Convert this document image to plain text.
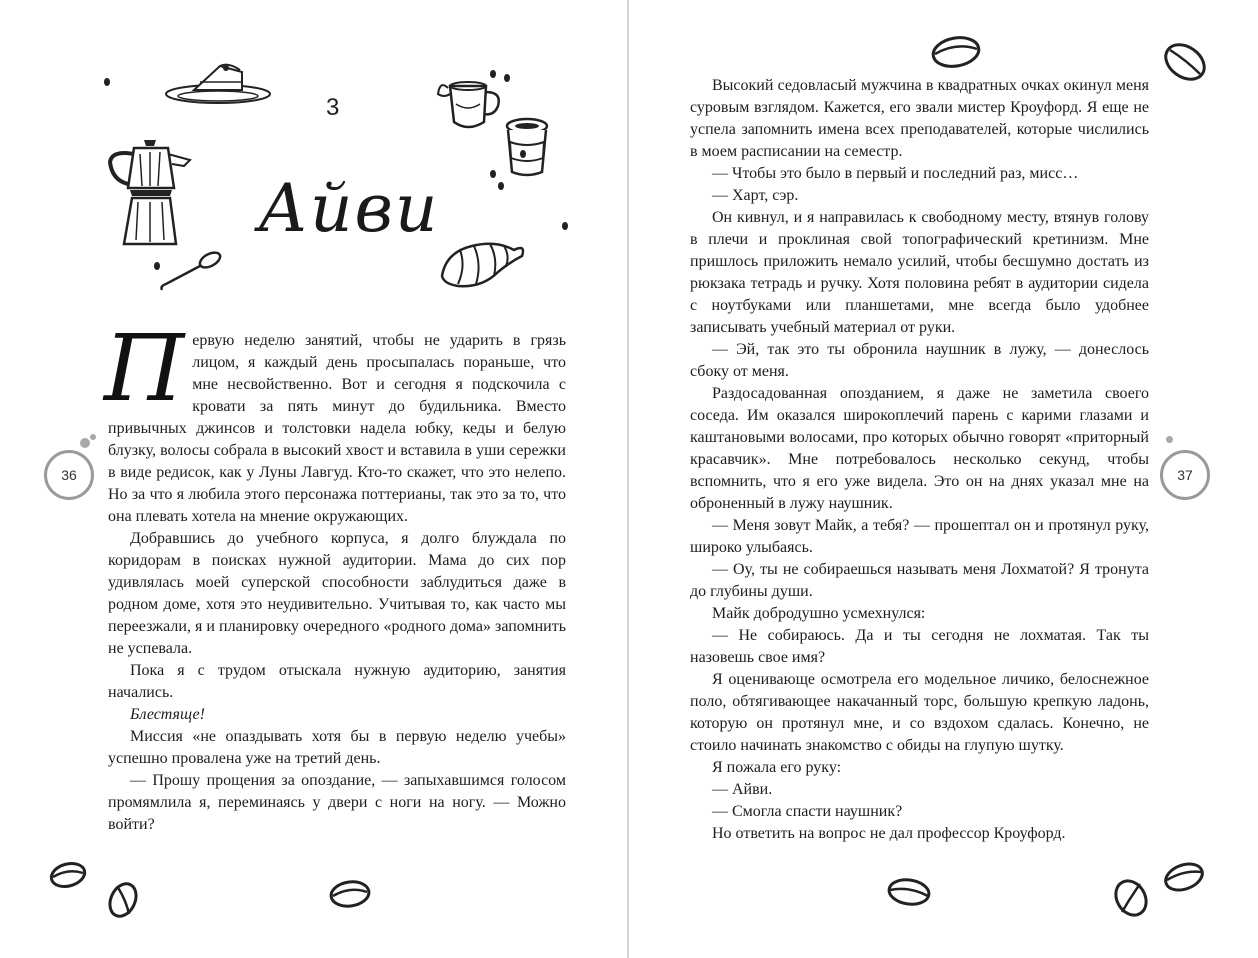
3
Айви
36

Первую неделю занятий, чтобы не ударить в грязь лицом, я каждый день просыпалась пораньше, что мне несвойственно. Вот и сегодня я подскочила с кровати за пять минут до будильника. Вместо привычных джинсов и толстовки надела юбку, кеды и белую блузку, волосы собрала в высокий хвост и вставила в уши сережки в виде редисок, как у Луны Лавгуд. Кто-то скажет, что это нелепо. Но за что я любила этого персонажа поттерианы, так это за то, что она плевать хотела на мнение окружающих.

Добравшись до учебного корпуса, я долго блуждала по коридорам в поисках нужной аудитории. Мама до сих пор удивлялась моей суперской способности заблудиться даже в родном доме, хотя это неудивительно. Учитывая то, как часто мы переезжали, я и планировку очередного «родного дома» запомнить не успевала.

Пока я с трудом отыскала нужную аудиторию, занятия начались.

Блестяще!

Миссия «не опаздывать хотя бы в первую неделю учебы» успешно провалена уже на третий день.

— Прошу прощения за опоздание, — запыхавшимся голосом промямлила я, переминаясь у двери с ноги на ногу. — Можно войти?

Высокий седовласый мужчина в квадратных очках окинул меня суровым взглядом. Кажется, его звали мистер Кроуфорд. Я еще не успела запомнить имена всех преподавателей, которые числились в моем расписании на семестр.

— Чтобы это было в первый и последний раз, мисс…

— Харт, сэр.

Он кивнул, и я направилась к свободному месту, втянув голову в плечи и проклиная свой топографический кретинизм. Мне пришлось приложить немало усилий, чтобы бесшумно достать из рюкзака тетрадь и ручку. Хотя половина ребят в аудитории сидела с ноутбуками или планшетами, мне всегда было удобнее записывать учебный материал от руки.

— Эй, так это ты обронила наушник в лужу, — донеслось сбоку от меня.

Раздосадованная опозданием, я даже не заметила своего соседа. Им оказался широкоплечий парень с карими глазами и каштановыми волосами, про которых обычно говорят «приторный красавчик». Мне потребовалось несколько секунд, чтобы вспомнить, что я его уже видела. Это он на днях указал мне на оброненный в лужу наушник.

— Меня зовут Майк, а тебя? — прошептал он и протянул руку, широко улыбаясь.

— Оу, ты не собираешься называть меня Лохматой? Я тронута до глубины души.

Майк добродушно усмехнулся:

— Не собираюсь. Да и ты сегодня не лохматая. Так ты назовешь свое имя?

Я оценивающе осмотрела его модельное личико, белоснежное поло, обтягивающее накачанный торс, большую крепкую ладонь, которую он протянул мне, и со вздохом сдалась. Конечно, не стоило начинать знакомство с обиды на глупую шутку.

Я пожала его руку:

— Айви.

— Смогла спасти наушник?

Но ответить на вопрос не дал профессор Кроуфорд.

37
